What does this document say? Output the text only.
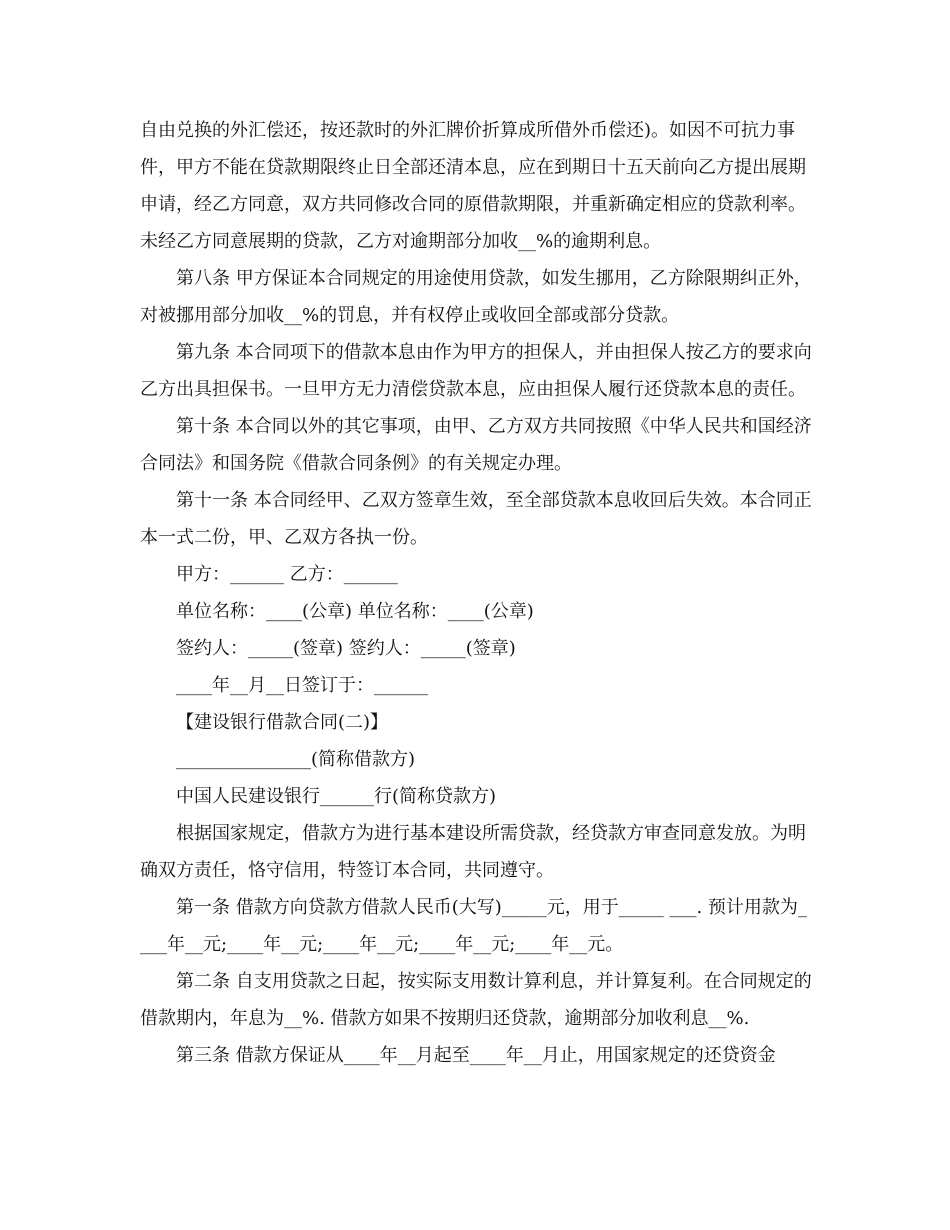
自由兑换的外汇偿还，按还款时的外汇牌价折算成所借外币偿还)。如因不可抗力事件，甲方不能在贷款期限终止日全部还清本息，应在到期日十五天前向乙方提出展期申请，经乙方同意，双方共同修改合同的原借款期限，并重新确定相应的贷款利率。未经乙方同意展期的贷款，乙方对逾期部分加收__%的逾期利息。

第八条 甲方保证本合同规定的用途使用贷款，如发生挪用，乙方除限期纠正外，对被挪用部分加收__%的罚息，并有权停止或收回全部或部分贷款。

第九条 本合同项下的借款本息由作为甲方的担保人，并由担保人按乙方的要求向乙方出具担保书。一旦甲方无力清偿贷款本息，应由担保人履行还贷款本息的责任。

第十条 本合同以外的其它事项，由甲、乙方双方共同按照《中华人民共和国经济合同法》和国务院《借款合同条例》的有关规定办理。

第十一条 本合同经甲、乙双方签章生效，至全部贷款本息收回后失效。本合同正本一式二份，甲、乙双方各执一份。

甲方：______ 乙方：______

单位名称：____(公章) 单位名称：____(公章)

签约人：_____(签章) 签约人：_____(签章)

____年__月__日签订于：______

【建设银行借款合同(二)】

_______________(简称借款方)

中国人民建设银行______行(简称贷款方)

根据国家规定，借款方为进行基本建设所需贷款，经贷款方审查同意发放。为明确双方责任，恪守信用，特签订本合同，共同遵守。

第一条 借款方向贷款方借款人民币(大写)_____元，用于_____ ___. 预计用款为____年__元;____年__元;____年__元;____年__元;____年__元。

第二条 自支用贷款之日起，按实际支用数计算利息，并计算复利。在合同规定的借款期内，年息为__%. 借款方如果不按期归还贷款，逾期部分加收利息__%.

第三条 借款方保证从____年__月起至____年__月止，用国家规定的还贷资金
